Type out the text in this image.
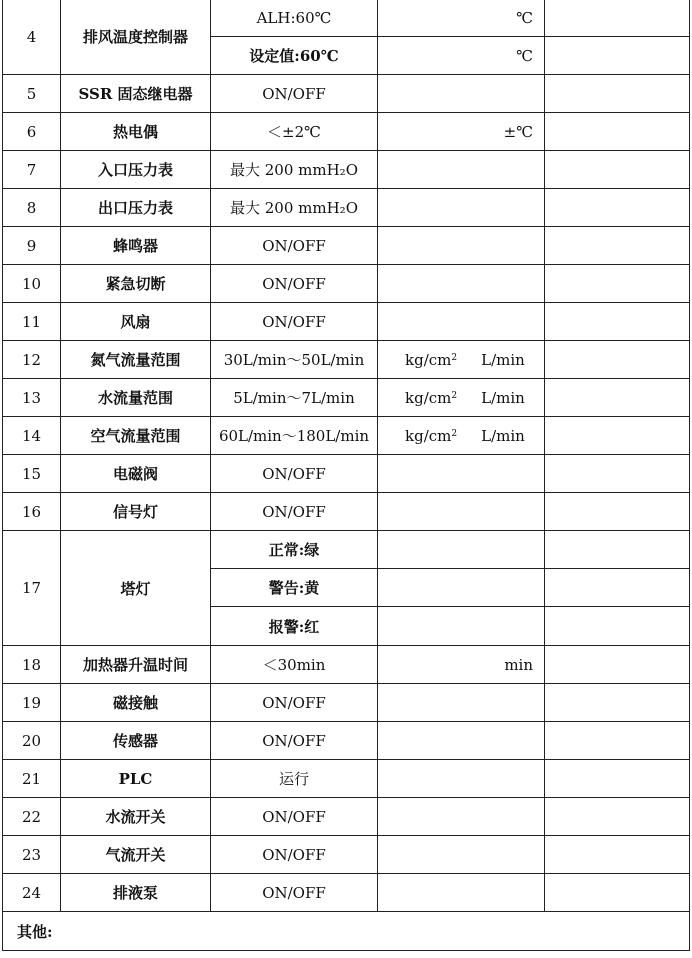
4	排风温度控制器	ALH:60℃	℃	
		设定值:60℃	℃	
5	SSR 固态继电器	ON/OFF		
6	热电偶	＜±2℃	±℃	
7	入口压力表	最大 200 mmH₂O		
8	出口压力表	最大 200 mmH₂O		
9	蜂鸣器	ON/OFF		
10	紧急切断	ON/OFF		
11	风扇	ON/OFF		
12	氮气流量范围	30L/min～50L/min	$kg/cm^2$ L/min	
13	水流量范围	5L/min～7L/min	$kg/cm^2$ L/min	
14	空气流量范围	60L/min～180L/min	$kg/cm^2$ L/min	
15	电磁阀	ON/OFF		
16	信号灯	ON/OFF		
17	塔灯	正常:绿		
		警告:黄		
		报警:红		
18	加热器升温时间	＜30min	min	
19	磁接触	ON/OFF		
20	传感器	ON/OFF		
21	PLC	运行		
22	水流开关	ON/OFF		
23	气流开关	ON/OFF		
24	排液泵	ON/OFF		
其他:				
